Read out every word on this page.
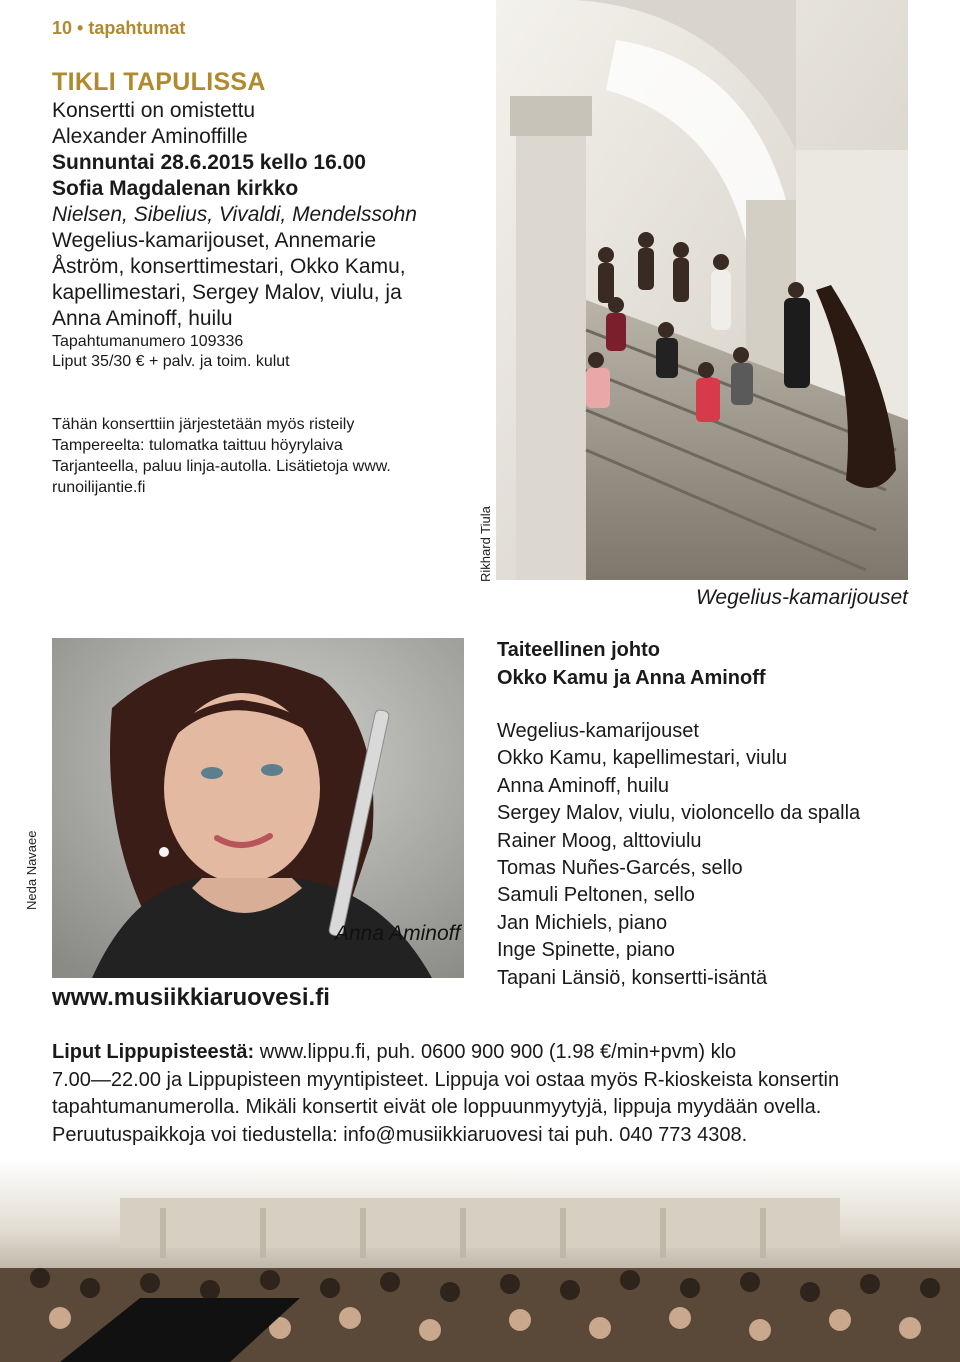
10 • tapahtumat
TIKLI TAPULISSA
Konsertti on omistettu
Alexander Aminoffille
Sunnuntai 28.6.2015 kello 16.00
Sofia Magdalenan kirkko
Nielsen, Sibelius, Vivaldi, Mendelssohn
Wegelius-kamarijouset, Annemarie
Åström, konserttimestari, Okko Kamu,
kapellimestari, Sergey Malov, viulu, ja
Anna Aminoff, huilu
Tapahtumanumero 109336
Liput 35/30 € + palv. ja toim. kulut
Tähän konserttiin järjestetään myös risteily
Tampereelta: tulomatka taittuu höyrylaiva
Tarjanteella, paluu linja-autolla. Lisätietoja www.
runoilijantie.fi
Rikhard Tiula
Wegelius-kamarijouset
Taiteellinen johto
Okko Kamu ja Anna Aminoff
Wegelius-kamarijouset
Okko Kamu, kapellimestari, viulu
Anna Aminoff, huilu
Sergey Malov, viulu, violoncello da spalla
Rainer Moog, alttoviulu
Tomas Nuñes-Garcés, sello
Samuli Peltonen, sello
Jan Michiels, piano
Inge Spinette, piano
Tapani Länsiö, konsertti-isäntä
Neda Navaee
Anna Aminoff
www.musiikkiaruovesi.fi
Liput Lippupisteestä: www.lippu.fi, puh. 0600 900 900 (1.98 €/min+pvm) klo
7.00—22.00 ja Lippupisteen myyntipisteet. Lippuja voi ostaa myös R-kioskeista konsertin
tapahtumanumerolla. Mikäli konsertit eivät ole loppuunmyytyjä, lippuja myydään ovella.
Peruutuspaikkoja voi tiedustella: info@musiikkiaruovesi tai puh. 040 773 4308.
